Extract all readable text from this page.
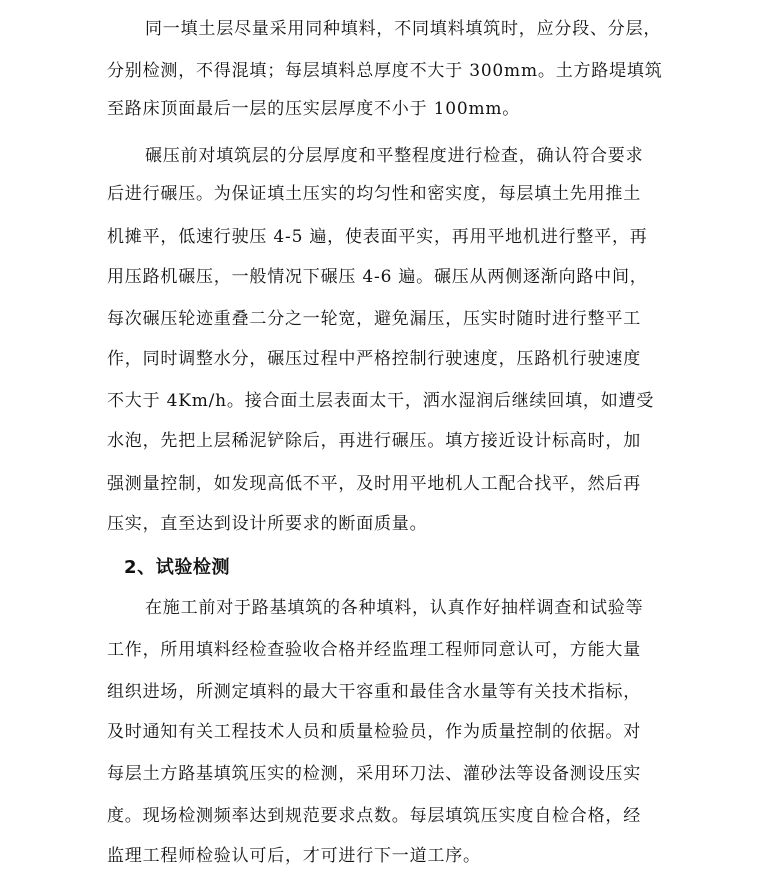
同一填土层尽量采用同种填料，不同填料填筑时，应分段、分层，
分别检测，不得混填；每层填料总厚度不大于 300mm。土方路堤填筑
至路床顶面最后一层的压实层厚度不小于 100mm。
碾压前对填筑层的分层厚度和平整程度进行检查，确认符合要求
后进行碾压。为保证填土压实的均匀性和密实度，每层填土先用推土
机摊平，低速行驶压 4-5 遍，使表面平实，再用平地机进行整平，再
用压路机碾压，一般情况下碾压 4-6 遍。碾压从两侧逐渐向路中间，
每次碾压轮迹重叠二分之一轮宽，避免漏压，压实时随时进行整平工
作，同时调整水分，碾压过程中严格控制行驶速度，压路机行驶速度
不大于 4Km/h。接合面土层表面太干，洒水湿润后继续回填，如遭受
水泡，先把上层稀泥铲除后，再进行碾压。填方接近设计标高时，加
强测量控制，如发现高低不平，及时用平地机人工配合找平，然后再
压实，直至达到设计所要求的断面质量。
2、试验检测
在施工前对于路基填筑的各种填料，认真作好抽样调查和试验等
工作，所用填料经检查验收合格并经监理工程师同意认可，方能大量
组织进场，所测定填料的最大干容重和最佳含水量等有关技术指标，
及时通知有关工程技术人员和质量检验员，作为质量控制的依据。对
每层土方路基填筑压实的检测，采用环刀法、灌砂法等设备测设压实
度。现场检测频率达到规范要求点数。每层填筑压实度自检合格，经
监理工程师检验认可后，才可进行下一道工序。
